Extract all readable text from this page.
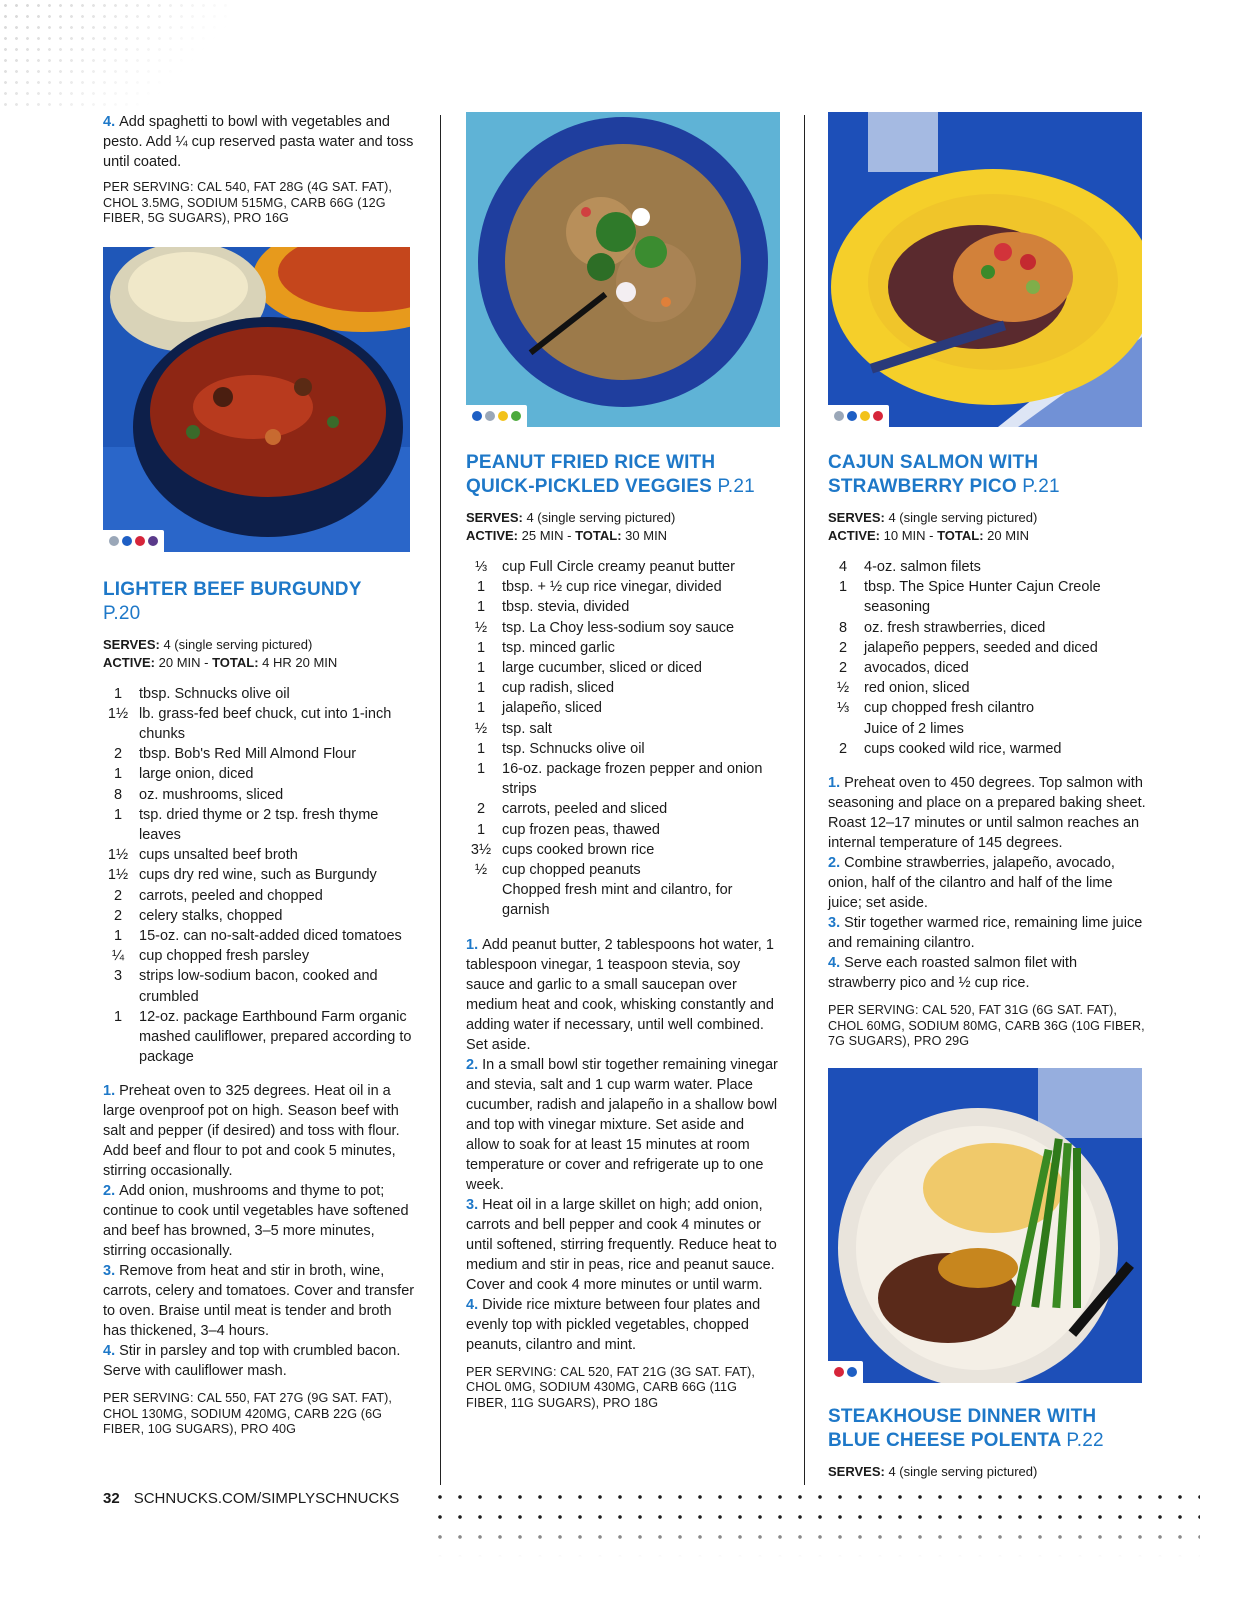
4. Add spaghetti to bowl with vegetables and pesto. Add ¼ cup reserved pasta water and toss until coated.

PER SERVING: CAL 540, FAT 28G (4G SAT. FAT), CHOL 3.5MG, SODIUM 515MG, CARB 66G (12G FIBER, 5G SUGARS), PRO 16G

LIGHTER BEEF BURGUNDY
P.20

SERVES: 4 (single serving pictured)

ACTIVE: 20 MIN - TOTAL: 4 HR 20 MIN

1	tbsp. Schnucks olive oil
1½ lb. grass-fed beef chuck, cut into 1-inch chunks
2	tbsp. Bob's Red Mill Almond Flour
1	large onion, diced
8	oz. mushrooms, sliced
1	tsp. dried thyme or 2 tsp. fresh thyme leaves
1½ cups unsalted beef broth
1½ cups dry red wine, such as Burgundy
2	carrots, peeled and chopped
2	celery stalks, chopped
1	15-oz. can no-salt-added diced tomatoes
¼	cup chopped fresh parsley
3	strips low-sodium bacon, cooked and crumbled
1	12-oz. package Earthbound Farm organic mashed cauliflower, prepared according to package

1. Preheat oven to 325 degrees. Heat oil in a large ovenproof pot on high. Season beef with salt and pepper (if desired) and toss with flour. Add beef and flour to pot and cook 5 minutes, stirring occasionally.

2. Add onion, mushrooms and thyme to pot; continue to cook until vegetables have softened and beef has browned, 3–5 more minutes, stirring occasionally.

3. Remove from heat and stir in broth, wine, carrots, celery and tomatoes. Cover and transfer to oven. Braise until meat is tender and broth has thickened, 3–4 hours.

4. Stir in parsley and top with crumbled bacon. Serve with cauliflower mash.

PER SERVING: CAL 550, FAT 27G (9G SAT. FAT), CHOL 130MG, SODIUM 420MG, CARB 22G (6G FIBER, 10G SUGARS), PRO 40G

PEANUT FRIED RICE WITH
QUICK-PICKLED VEGGIES P.21

SERVES: 4 (single serving pictured)

ACTIVE: 25 MIN - TOTAL: 30 MIN

⅓	cup Full Circle creamy peanut butter
1	tbsp. + ½ cup rice vinegar, divided
1	tbsp. stevia, divided
½	tsp. La Choy less-sodium soy sauce
1	tsp. minced garlic
1	large cucumber, sliced or diced
1	cup radish, sliced
1	jalapeño, sliced
½	tsp. salt
1	tsp. Schnucks olive oil
1	16-oz. package frozen pepper and onion strips
2	carrots, peeled and sliced
1	cup frozen peas, thawed
3½ cups cooked brown rice
½	cup chopped peanuts
Chopped fresh mint and cilantro, for garnish

1. Add peanut butter, 2 tablespoons hot water, 1 tablespoon vinegar, 1 teaspoon stevia, soy sauce and garlic to a small saucepan over medium heat and cook, whisking constantly and adding water if necessary, until well combined. Set aside.

2. In a small bowl stir together remaining vinegar and stevia, salt and 1 cup warm water. Place cucumber, radish and jalapeño in a shallow bowl and top with vinegar mixture. Set aside and allow to soak for at least 15 minutes at room temperature or cover and refrigerate up to one week.

3. Heat oil in a large skillet on high; add onion, carrots and bell pepper and cook 4 minutes or until softened, stirring frequently. Reduce heat to medium and stir in peas, rice and peanut sauce. Cover and cook 4 more minutes or until warm.

4. Divide rice mixture between four plates and evenly top with pickled vegetables, chopped peanuts, cilantro and mint.

PER SERVING: CAL 520, FAT 21G (3G SAT. FAT), CHOL 0MG, SODIUM 430MG, CARB 66G (11G FIBER, 11G SUGARS), PRO 18G

CAJUN SALMON WITH
STRAWBERRY PICO P.21

SERVES: 4 (single serving pictured)

ACTIVE: 10 MIN - TOTAL: 20 MIN

4	4-oz. salmon filets
1	tbsp. The Spice Hunter Cajun Creole seasoning
8	oz. fresh strawberries, diced
2	jalapeño peppers, seeded and diced
2	avocados, diced
½	red onion, sliced
⅓	cup chopped fresh cilantro
Juice of 2 limes
2	cups cooked wild rice, warmed

1. Preheat oven to 450 degrees. Top salmon with seasoning and place on a prepared baking sheet. Roast 12–17 minutes or until salmon reaches an internal temperature of 145 degrees.

2. Combine strawberries, jalapeño, avocado, onion, half of the cilantro and half of the lime juice; set aside.

3. Stir together warmed rice, remaining lime juice and remaining cilantro.

4. Serve each roasted salmon filet with strawberry pico and ½ cup rice.

PER SERVING: CAL 520, FAT 31G (6G SAT. FAT), CHOL 60MG, SODIUM 80MG, CARB 36G (10G FIBER, 7G SUGARS), PRO 29G

STEAKHOUSE DINNER WITH
BLUE CHEESE POLENTA P.22

SERVES: 4 (single serving pictured)

32 SCHNUCKS.COM/SIMPLYSCHNUCKS
